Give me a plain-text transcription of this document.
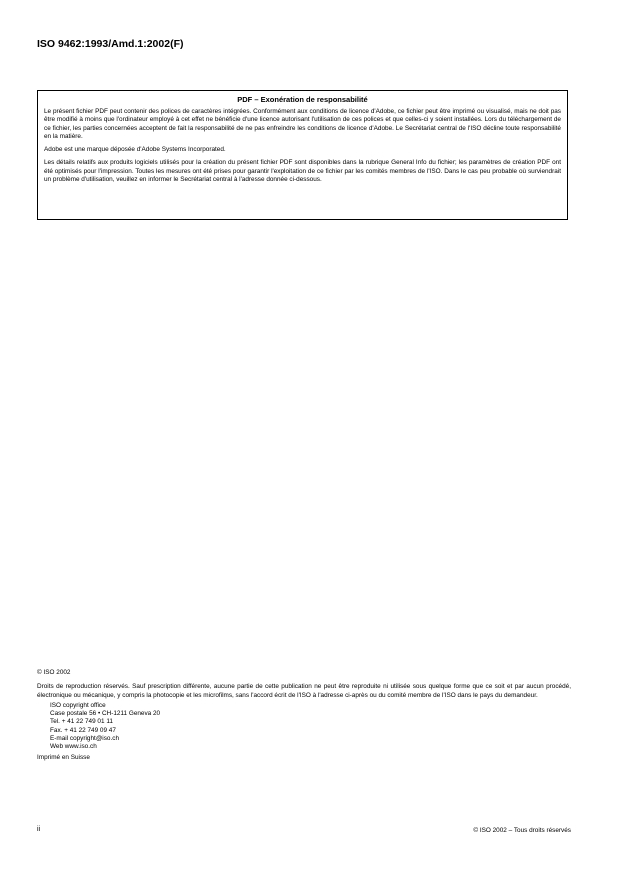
ISO 9462:1993/Amd.1:2002(F)
PDF – Exonération de responsabilité

Le présent fichier PDF peut contenir des polices de caractères intégrées. Conformément aux conditions de licence d'Adobe, ce fichier peut être imprimé ou visualisé, mais ne doit pas être modifié à moins que l'ordinateur employé à cet effet ne bénéficie d'une licence autorisant l'utilisation de ces polices et que celles-ci y soient installées. Lors du téléchargement de ce fichier, les parties concernées acceptent de fait la responsabilité de ne pas enfreindre les conditions de licence d'Adobe. Le Secrétariat central de l'ISO décline toute responsabilité en la matière.

Adobe est une marque déposée d'Adobe Systems Incorporated.

Les détails relatifs aux produits logiciels utilisés pour la création du présent fichier PDF sont disponibles dans la rubrique General Info du fichier; les paramètres de création PDF ont été optimisés pour l'impression. Toutes les mesures ont été prises pour garantir l'exploitation de ce fichier par les comités membres de l'ISO. Dans le cas peu probable où surviendrait un problème d'utilisation, veuillez en informer le Secrétariat central à l'adresse donnée ci-dessous.

© ISO 2002

Droits de reproduction réservés. Sauf prescription différente, aucune partie de cette publication ne peut être reproduite ni utilisée sous quelque forme que ce soit et par aucun procédé, électronique ou mécanique, y compris la photocopie et les microfilms, sans l'accord écrit de l'ISO à l'adresse ci-après ou du comité membre de l'ISO dans le pays du demandeur.

ISO copyright office
Case postale 56 • CH-1211 Geneva 20
Tel. + 41 22 749 01 11
Fax. + 41 22 749 09 47
E-mail copyright@iso.ch
Web www.iso.ch

Imprimé en Suisse

ii	© ISO 2002 – Tous droits réservés
